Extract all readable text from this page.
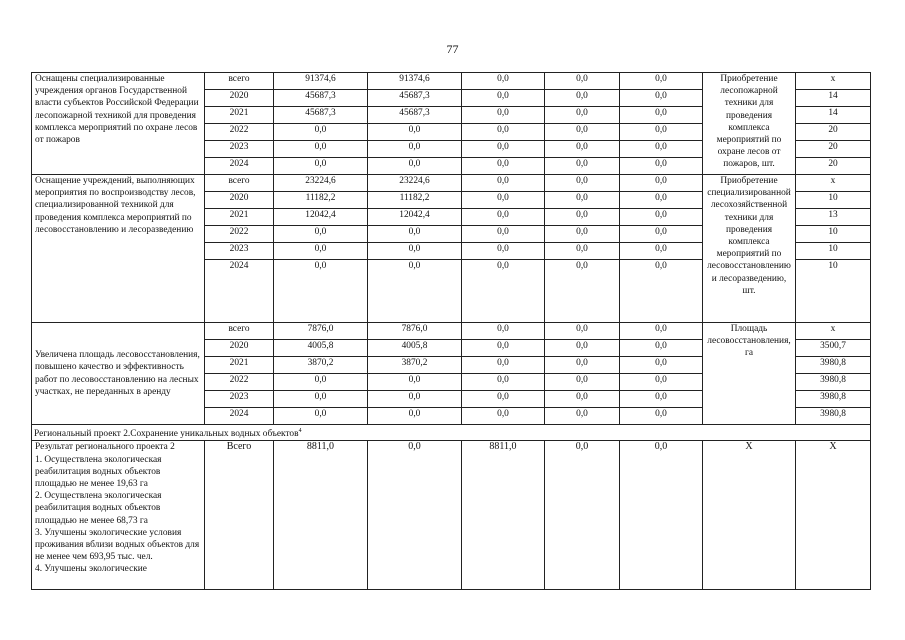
77
Оснащены специализированные учреждения органов Государственной власти субъектов Российской Федерации лесопожарной техникой для проведения комплекса мероприятий по охране лесов от пожаров	всего	91374,6	91374,6	0,0	0,0	0,0	Приобретение лесопожарной техники для проведения комплекса мероприятий по охране лесов от пожаров, шт.	х
	2020	45687,3	45687,3	0,0	0,0	0,0		14
	2021	45687,3	45687,3	0,0	0,0	0,0		14
	2022	0,0	0,0	0,0	0,0	0,0		20
	2023	0,0	0,0	0,0	0,0	0,0		20
	2024	0,0	0,0	0,0	0,0	0,0		20
Оснащение учреждений, выполняющих мероприятия по воспроизводству лесов, специализированной техникой для проведения комплекса мероприятий по лесовосстановлению и лесоразведению	всего	23224,6	23224,6	0,0	0,0	0,0	Приобретение специализированной лесохозяйственной техники для проведения комплекса мероприятий по лесовосстановлению и лесоразведению, шт.	х
	2020	11182,2	11182,2	0,0	0,0	0,0		10
	2021	12042,4	12042,4	0,0	0,0	0,0		13
	2022	0,0	0,0	0,0	0,0	0,0		10
	2023	0,0	0,0	0,0	0,0	0,0		10
	2024	0,0	0,0	0,0	0,0	0,0		10
Увеличена площадь лесовосстановления, повышено качество и эффективность работ по лесовосстановлению на лесных участках, не переданных в аренду	всего	7876,0	7876,0	0,0	0,0	0,0	Площадь лесовосстановления, га	х
	2020	4005,8	4005,8	0,0	0,0	0,0		3500,7
	2021	3870,2	3870,2	0,0	0,0	0,0		3980,8
	2022	0,0	0,0	0,0	0,0	0,0		3980,8
	2023	0,0	0,0	0,0	0,0	0,0		3980,8
	2024	0,0	0,0	0,0	0,0	0,0		3980,8
Региональный проект 2.Сохранение уникальных водных объектов$^4$
Результат регионального проекта 2
1. Осуществлена экологическая реабилитация водных объектов площадью не менее 19,63 га
2. Осуществлена экологическая реабилитация водных объектов площадью не менее 68,73 га
3. Улучшены экологические условия проживания вблизи водных объектов для не менее чем 693,95 тыс. чел.
4. Улучшены экологические	Всего	8811,0	0,0	8811,0	0,0	0,0	Х	Х
